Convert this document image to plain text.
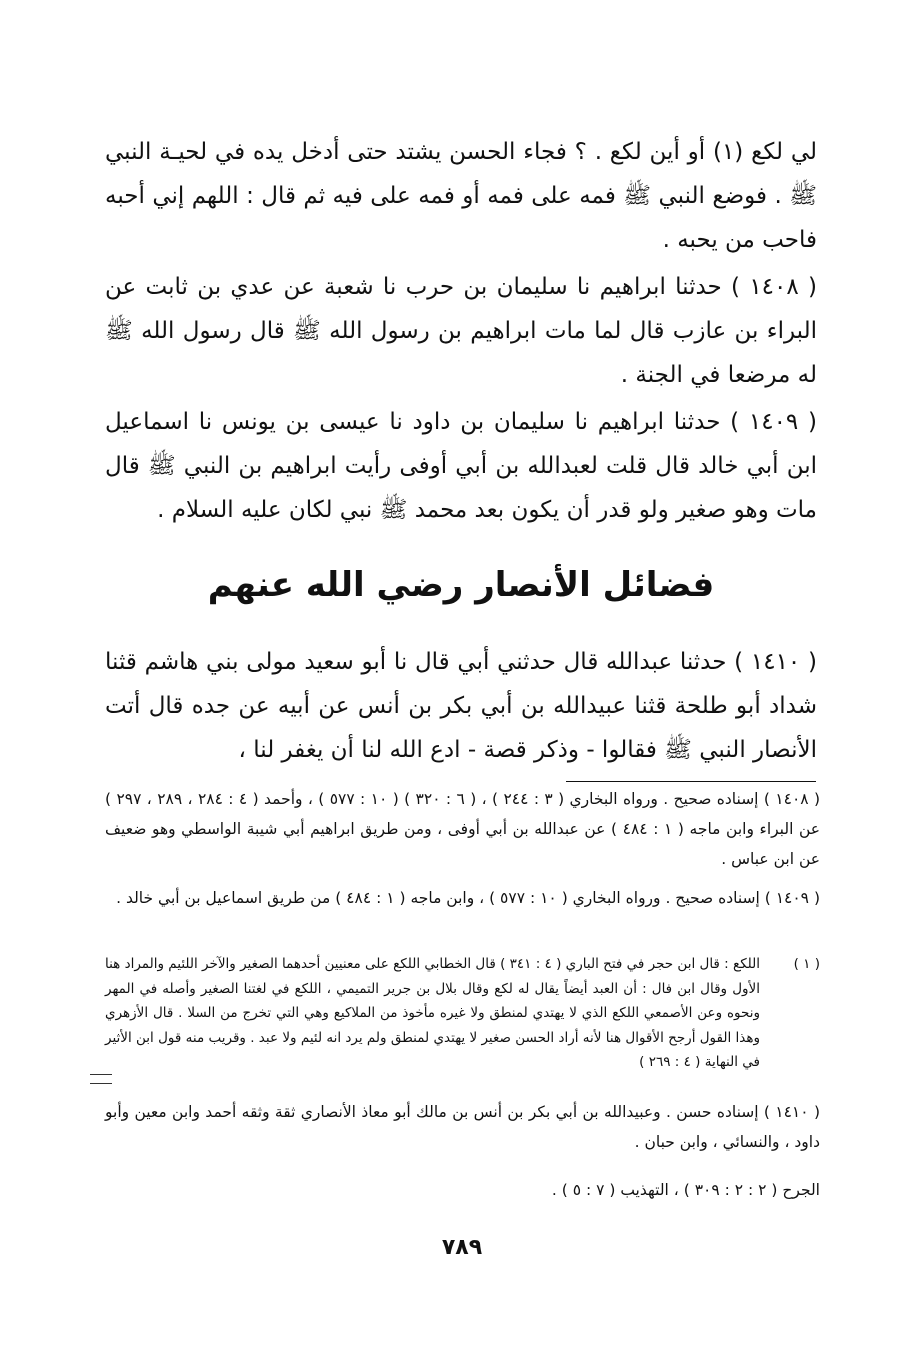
لي لكع (١) أو أين لكع . ؟ فجاء الحسن يشتد حتى أدخل يده في لحيـة النبي ﷺ . فوضع النبي ﷺ فمه على فمه أو فمه على فيه ثم قال : اللهم إني أحبه فاحب من يحبه .

( ١٤٠٨ ) حدثنا ابراهيم نا سليمان بن حرب نا شعبة عن عدي بن ثابت عن البراء بن عازب قال لما مات ابراهيم بن رسول الله ﷺ قال رسول الله ﷺ له مرضعا في الجنة .

( ١٤٠٩ ) حدثنا ابراهيم نا سليمان بن داود نا عيسى بن يونس نا اسماعيل ابن أبي خالد قال قلت لعبدالله بن أبي أوفى رأيت ابراهيم بن النبي ﷺ قال مات وهو صغير ولو قدر أن يكون بعد محمد ﷺ نبي لكان عليه السلام .

فضائل الأنصار رضي الله عنهم

( ١٤١٠ ) حدثنا عبدالله قال حدثني أبي قال نا أبو سعيد مولى بني هاشم قثنا شداد أبو طلحة قثنا عبيدالله بن أبي بكر بن أنس عن أبيه عن جده قال أتت الأنصار النبي ﷺ فقالوا - وذكر قصة - ادع الله لنا أن يغفر لنا ،

( ١٤٠٨ ) إسناده صحيح . ورواه البخاري ( ٣ : ٢٤٤ ) ، ( ٦ : ٣٢٠ ) ( ١٠ : ٥٧٧ ) ، وأحمد ( ٤ : ٢٨٤ ، ٢٨٩ ، ٢٩٧ ) عن البراء وابن ماجه ( ١ : ٤٨٤ ) عن عبدالله بن أبي أوفى ، ومن طريق ابراهيم أبي شيبة الواسطي وهو ضعيف عن ابن عباس .

( ١٤٠٩ ) إسناده صحيح . ورواه البخاري ( ١٠ : ٥٧٧ ) ، وابن ماجه ( ١ : ٤٨٤ ) من طريق اسماعيل بن أبي خالد .

( ١ )

اللكع : قال ابن حجر في فتح الباري ( ٤ : ٣٤١ ) قال الخطابي اللكع على معنيين أحدهما الصغير والآخر اللئيم والمراد هنا الأول وقال ابن فال : أن العبد أيضاً يقال له لكع وقال بلال بن جرير التميمي ، اللكع في لغتنا الصغير وأصله في المهر ونحوه وعن الأصمعي اللكع الذي لا يهتدي لمنطق ولا غيره مأخوذ من الملاكيع وهي التي تخرج من السلا . قال الأزهري وهذا القول أرجح الأقوال هنا لأنه أراد الحسن صغير لا يهتدي لمنطق ولم يرد انه لئيم ولا عبد . وقريب منه قول ابن الأثير في النهاية ( ٤ : ٢٦٩ )

( ١٤١٠ ) إسناده حسن . وعبيدالله بن أبي بكر بن أنس بن مالك أبو معاذ الأنصاري ثقة وثقه أحمد وابن معين وأبو داود ، والنسائي ، وابن حبان .

الجرح ( ٢ : ٢ : ٣٠٩ ) ، التهذيب ( ٧ : ٥ ) .

٧٨٩
